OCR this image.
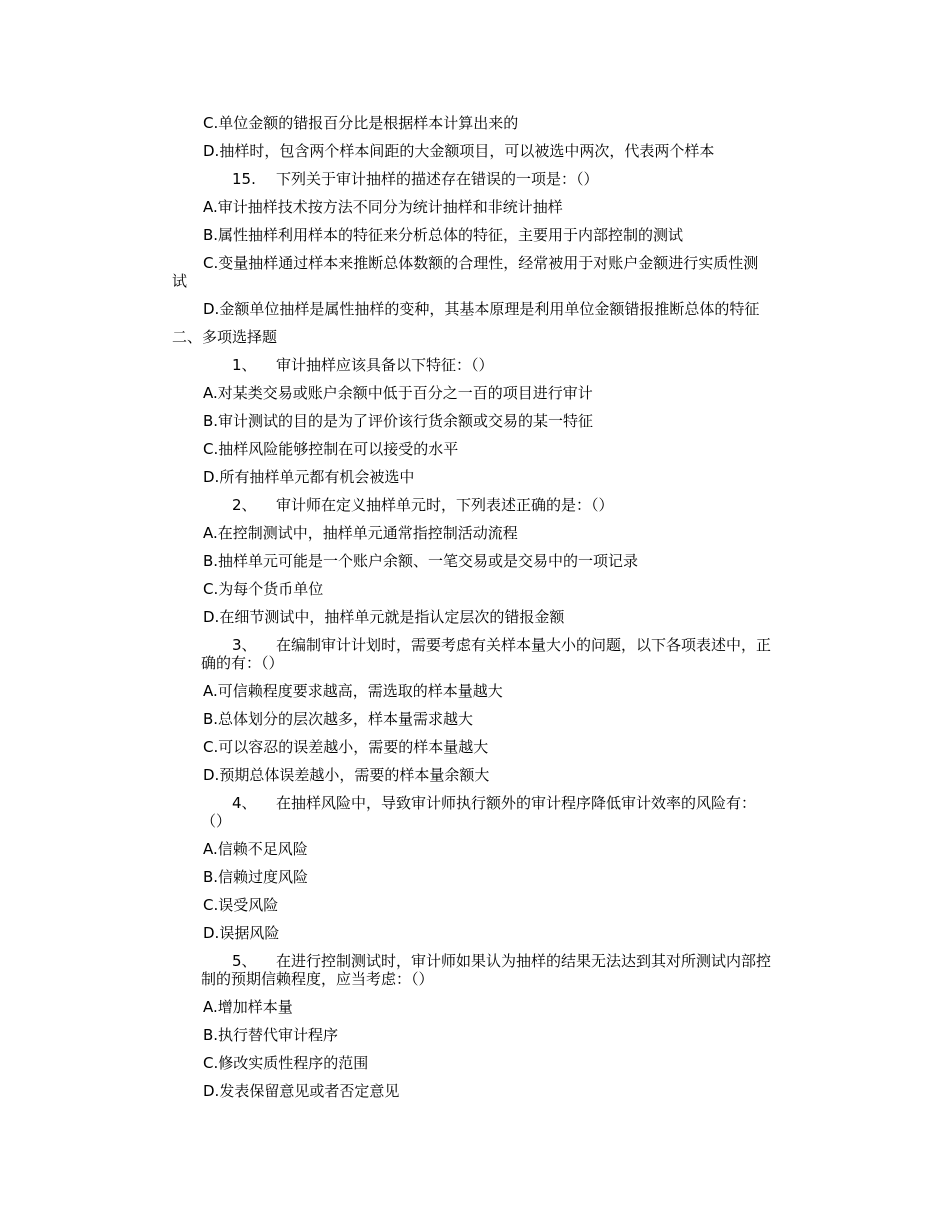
C.单位金额的错报百分比是根据样本计算出来的
D.抽样时，包含两个样本间距的大金额项目，可以被选中两次，代表两个样本
15. 下列关于审计抽样的描述存在错误的一项是：（）
A.审计抽样技术按方法不同分为统计抽样和非统计抽样
B.属性抽样利用样本的特征来分析总体的特征，主要用于内部控制的测试
C.变量抽样通过样本来推断总体数额的合理性，经常被用于对账户金额进行实质性测
试
D.金额单位抽样是属性抽样的变种，其基本原理是利用单位金额错报推断总体的特征
二、多项选择题
1、 审计抽样应该具备以下特征：（）
A.对某类交易或账户余额中低于百分之一百的项目进行审计
B.审计测试的目的是为了评价该行货余额或交易的某一特征
C.抽样风险能够控制在可以接受的水平
D.所有抽样单元都有机会被选中
2、 审计师在定义抽样单元时，下列表述正确的是：（）
A.在控制测试中，抽样单元通常指控制活动流程
B.抽样单元可能是一个账户余额、一笔交易或是交易中的一项记录
C.为每个货币单位
D.在细节测试中，抽样单元就是指认定层次的错报金额
3、 在编制审计计划时，需要考虑有关样本量大小的问题，以下各项表述中，正
确的有：（）
A.可信赖程度要求越高，需选取的样本量越大
B.总体划分的层次越多，样本量需求越大
C.可以容忍的误差越小，需要的样本量越大
D.预期总体误差越小，需要的样本量余额大
4、 在抽样风险中，导致审计师执行额外的审计程序降低审计效率的风险有：
（）
A.信赖不足风险
B.信赖过度风险
C.误受风险
D.误据风险
5、 在进行控制测试时，审计师如果认为抽样的结果无法达到其对所测试内部控
制的预期信赖程度，应当考虑：（）
A.增加样本量
B.执行替代审计程序
C.修改实质性程序的范围
D.发表保留意见或者否定意见
